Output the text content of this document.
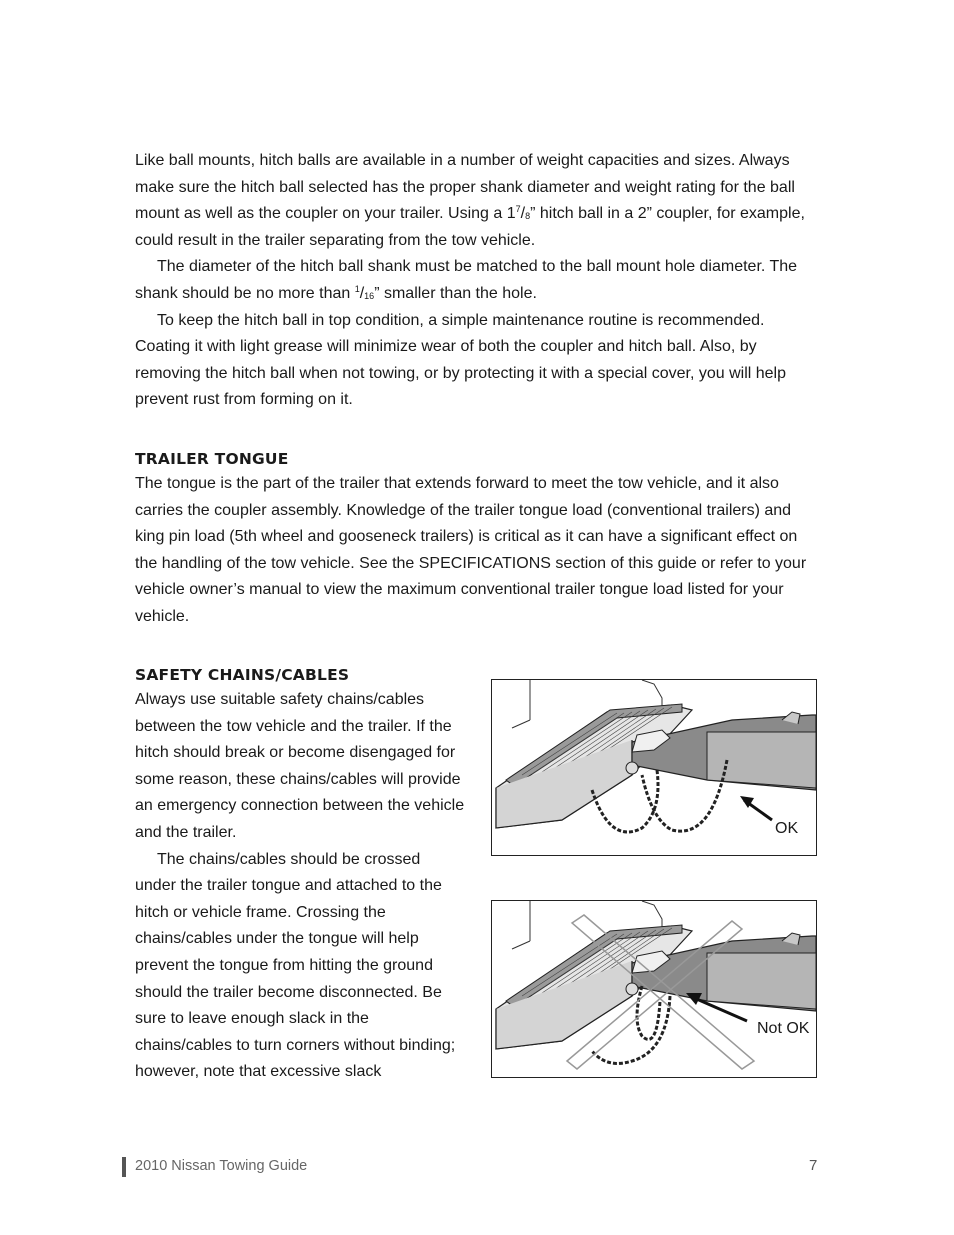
Like ball mounts, hitch balls are available in a number of weight capacities and sizes. Always make sure the hitch ball selected has the proper shank diameter and weight rating for the ball mount as well as the coupler on your trailer. Using a $1^7/_8$” hitch ball in a 2” coupler, for example, could result in the trailer separating from the tow vehicle.

The diameter of the hitch ball shank must be matched to the ball mount hole diameter. The shank should be no more than $^1/_{16}$” smaller than the hole.

To keep the hitch ball in top condition, a simple maintenance routine is recommended. Coating it with light grease will minimize wear of both the coupler and hitch ball. Also, by removing the hitch ball when not towing, or by protecting it with a special cover, you will help prevent rust from forming on it.

TRAILER TONGUE

The tongue is the part of the trailer that extends forward to meet the tow vehicle, and it also carries the coupler assembly. Knowledge of the trailer tongue load (conventional trailers) and king pin load (5th wheel and gooseneck trailers) is critical as it can have a significant effect on the handling of the tow vehicle. See the SPECIFICATIONS section of this guide or refer to your vehicle owner’s manual to view the maximum conventional trailer tongue load listed for your vehicle.

SAFETY CHAINS/CABLES

Always use suitable safety chains/cables between the tow vehicle and the trailer. If the hitch should break or become disengaged for some reason, these chains/cables will provide an emergency connection between the vehicle and the trailer.

The chains/cables should be crossed under the trailer tongue and attached to the hitch or vehicle frame. Crossing the chains/cables under the tongue will help prevent the tongue from hitting the ground should the trailer become disconnected. Be sure to leave enough slack in the chains/cables to turn corners without binding; however, note that excessive slack

OK
Not OK
2010 Nissan Towing Guide	7
